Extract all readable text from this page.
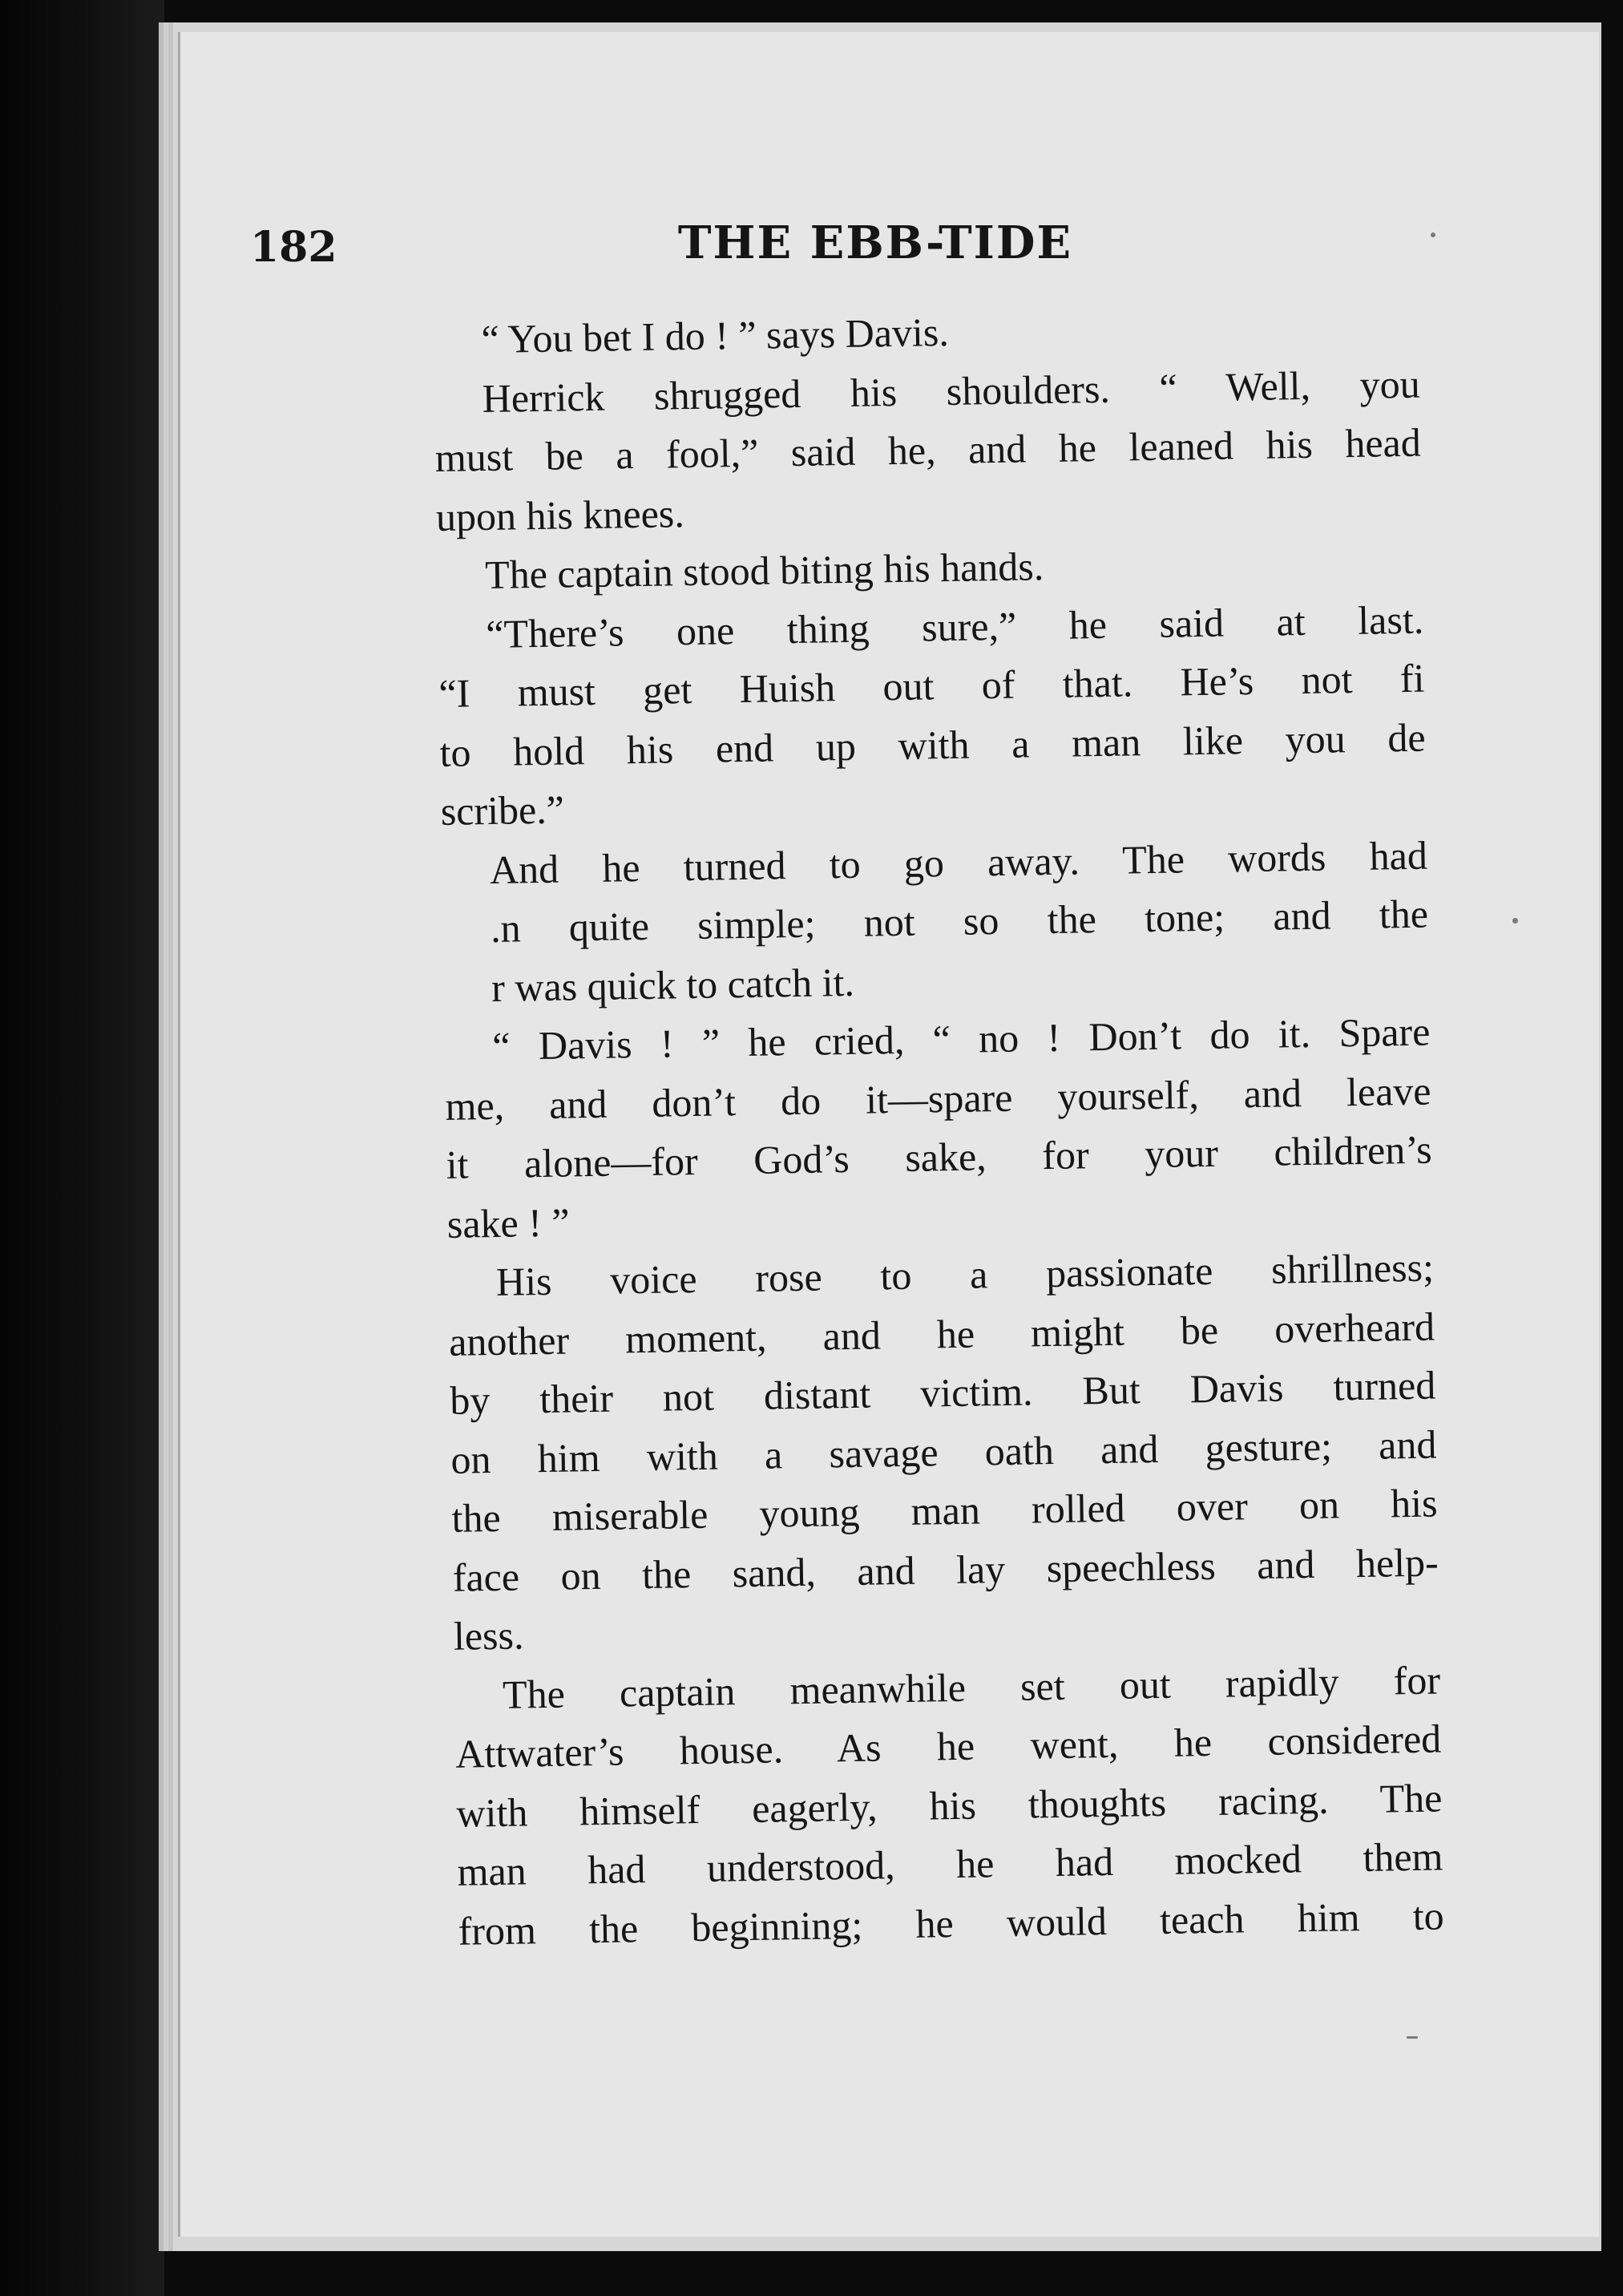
182	THE EBB-TIDE
“ You bet I do ! ” says Davis.
Herrick shrugged his shoulders. “ Well, you
must be a fool,” said he, and he leaned his head
upon his knees.
The captain stood biting his hands.
“There’s one thing sure,” he said at last.
“I must get Huish out of that. He’s not fi
to hold his end up with a man like you de
scribe.”
And he turned to go away. The words had
.n quite simple; not so the tone; and the
r was quick to catch it.
“ Davis ! ” he cried, “ no ! Don’t do it. Spare
me, and don’t do it—spare yourself, and leave
it alone—for God’s sake, for your children’s
sake ! ”
His voice rose to a passionate shrillness;
another moment, and he might be overheard
by their not distant victim. But Davis turned
on him with a savage oath and gesture; and
the miserable young man rolled over on his
face on the sand, and lay speechless and help-
less.
The captain meanwhile set out rapidly for
Attwater’s house. As he went, he considered
with himself eagerly, his thoughts racing. The
man had understood, he had mocked them
from the beginning; he would teach him to
